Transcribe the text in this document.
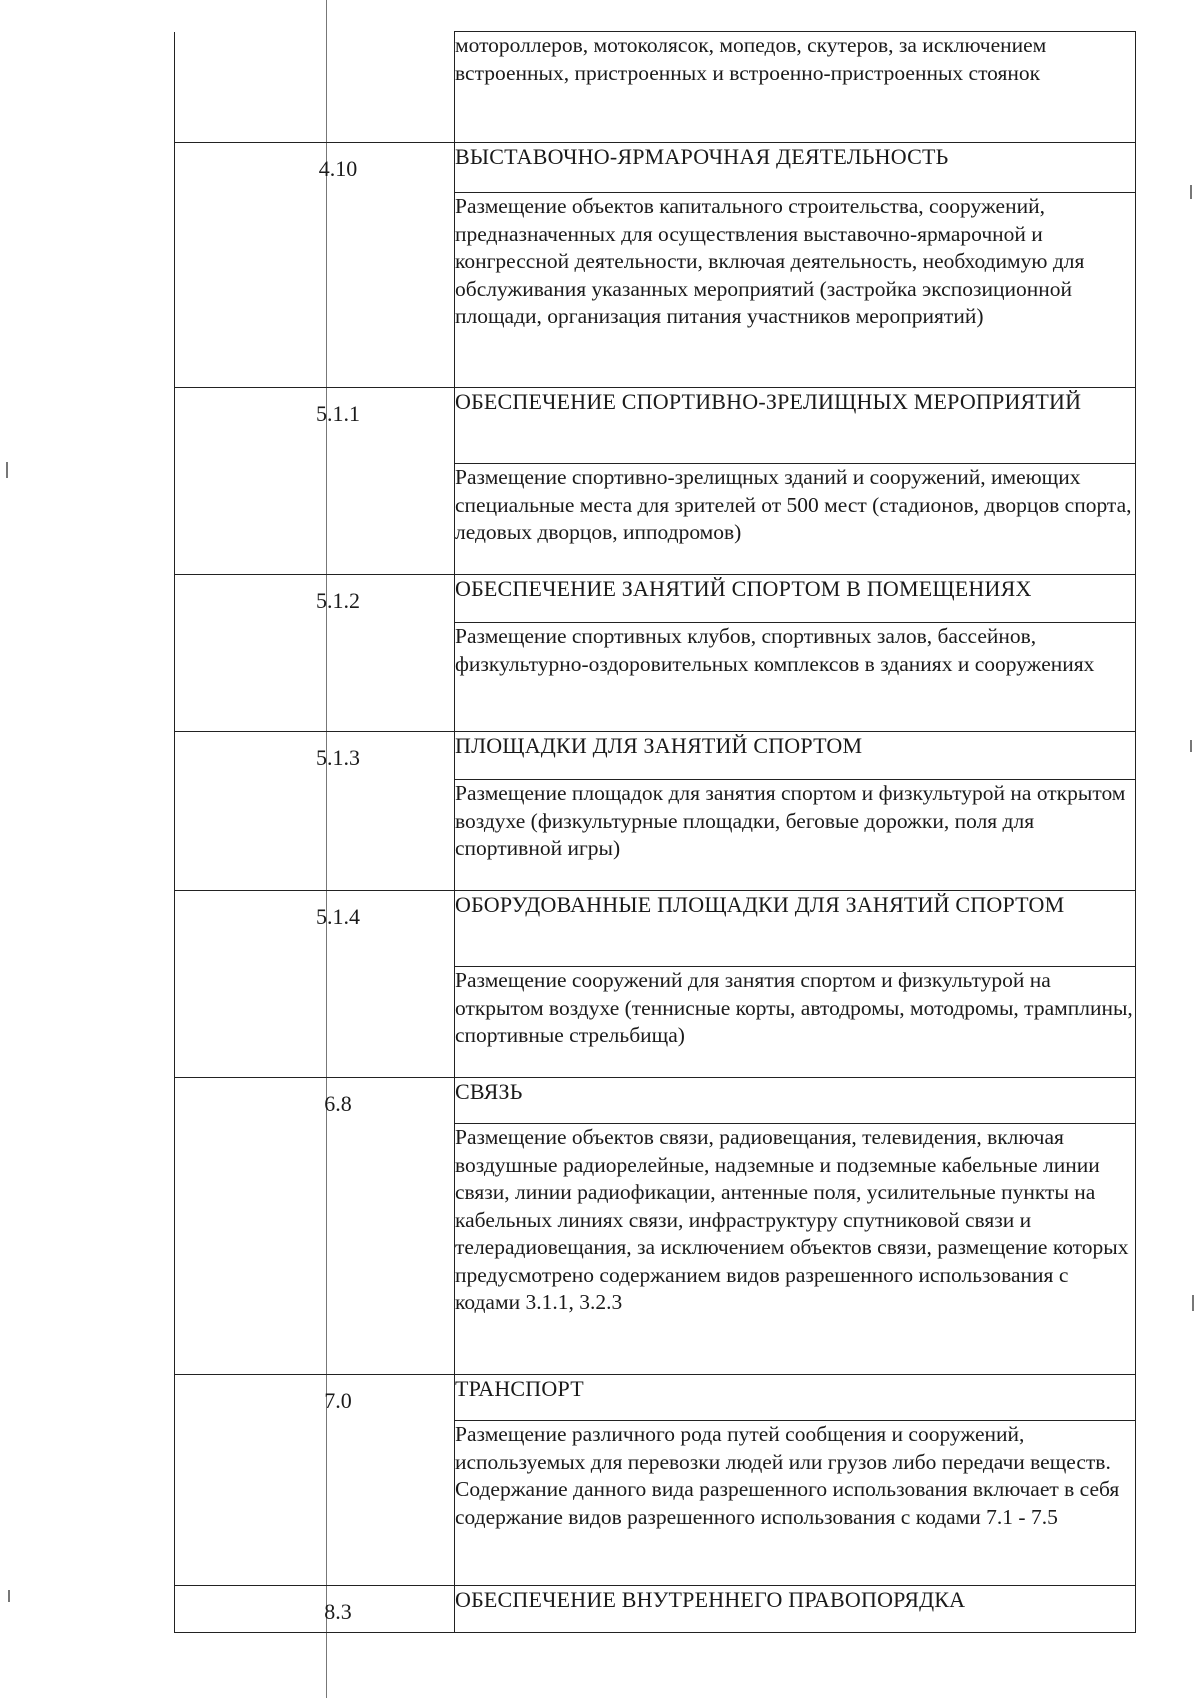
	мотороллеров, мотоколясок, мопедов, скутеров, за исключением встроенных, пристроенных и встроенно-пристроенных стоянок

4.10	ВЫСТАВОЧНО-ЯРМАРОЧНАЯ ДЕЯТЕЛЬНОСТЬ
	Размещение объектов капитального строительства, сооружений, предназначенных для осуществления выставочно-ярмарочной и конгрессной деятельности, включая деятельность, необходимую для обслуживания указанных мероприятий (застройка экспозиционной площади, организация питания участников мероприятий)

5.1.1	ОБЕСПЕЧЕНИЕ СПОРТИВНО-ЗРЕЛИЩНЫХ МЕРОПРИЯТИЙ
	Размещение спортивно-зрелищных зданий и сооружений, имеющих специальные места для зрителей от 500 мест (стадионов, дворцов спорта, ледовых дворцов, ипподромов)

5.1.2	ОБЕСПЕЧЕНИЕ ЗАНЯТИЙ СПОРТОМ В ПОМЕЩЕНИЯХ
	Размещение спортивных клубов, спортивных залов, бассейнов, физкультурно-оздоровительных комплексов в зданиях и сооружениях

5.1.3	ПЛОЩАДКИ ДЛЯ ЗАНЯТИЙ СПОРТОМ
	Размещение площадок для занятия спортом и физкультурой на открытом воздухе (физкультурные площадки, беговые дорожки, поля для спортивной игры)

5.1.4	ОБОРУДОВАННЫЕ ПЛОЩАДКИ ДЛЯ ЗАНЯТИЙ СПОРТОМ
	Размещение сооружений для занятия спортом и физкультурой на открытом воздухе (теннисные корты, автодромы, мотодромы, трамплины, спортивные стрельбища)

6.8	СВЯЗЬ
	Размещение объектов связи, радиовещания, телевидения, включая воздушные радиорелейные, надземные и подземные кабельные линии связи, линии радиофикации, антенные поля, усилительные пункты на кабельных линиях связи, инфраструктуру спутниковой связи и телерадиовещания, за исключением объектов связи, размещение которых предусмотрено содержанием видов разрешенного использования с кодами 3.1.1, 3.2.3

7.0	ТРАНСПОРТ
	Размещение различного рода путей сообщения и сооружений, используемых для перевозки людей или грузов либо передачи веществ. Содержание данного вида разрешенного использования включает в себя содержание видов разрешенного использования с кодами 7.1 - 7.5

8.3	ОБЕСПЕЧЕНИЕ ВНУТРЕННЕГО ПРАВОПОРЯДКА
